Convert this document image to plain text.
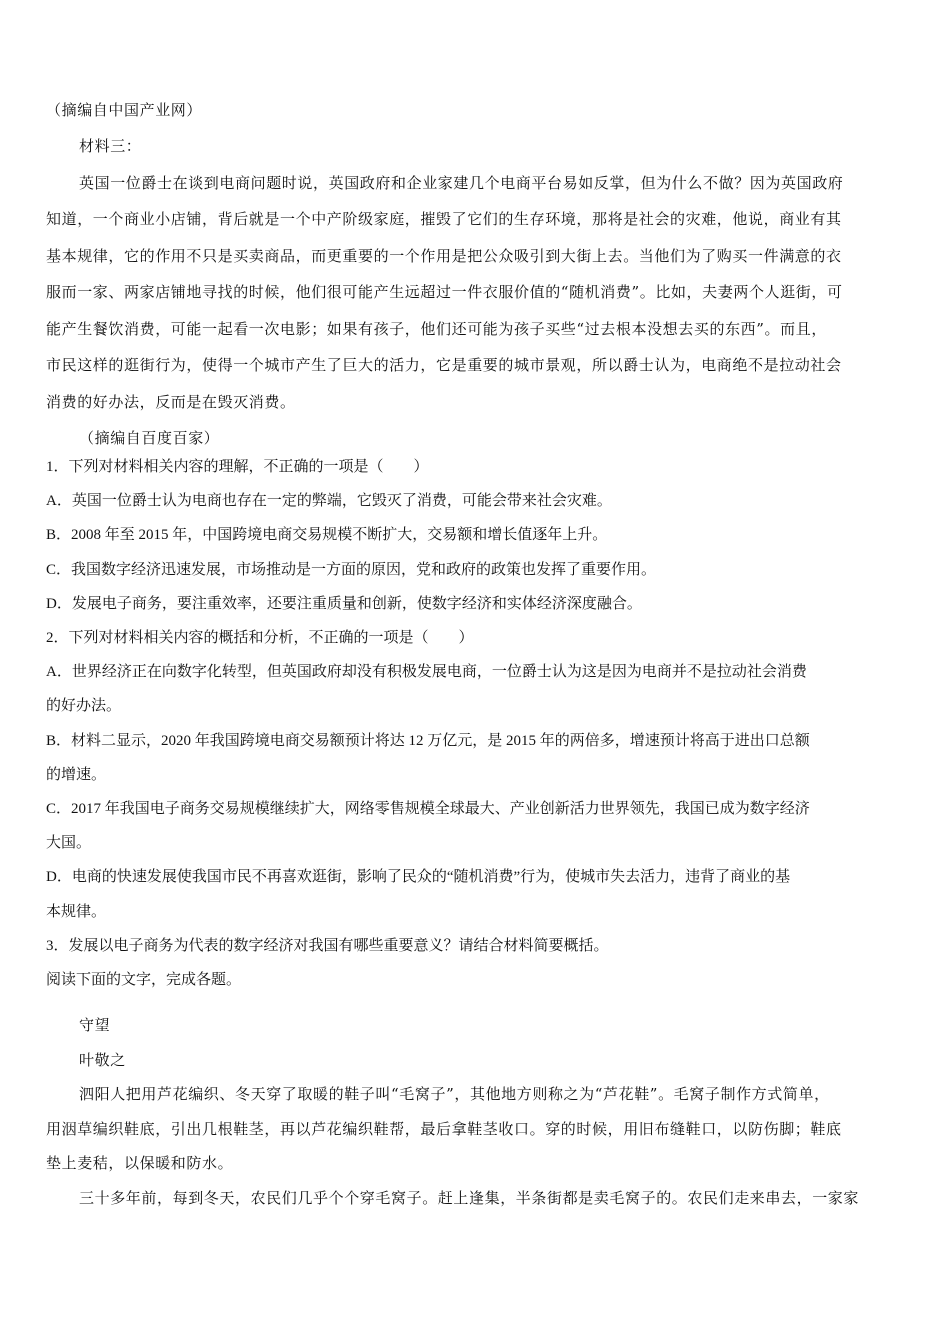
（摘编自中国产业网）
材料三：
英国一位爵士在谈到电商问题时说，英国政府和企业家建几个电商平台易如反掌，但为什么不做？因为英国政府
知道，一个商业小店铺，背后就是一个中产阶级家庭，摧毁了它们的生存环境，那将是社会的灾难，他说，商业有其
基本规律，它的作用不只是买卖商品，而更重要的一个作用是把公众吸引到大街上去。当他们为了购买一件满意的衣
服而一家、两家店铺地寻找的时候，他们很可能产生远超过一件衣服价值的“随机消费”。比如，夫妻两个人逛街，可
能产生餐饮消费，可能一起看一次电影；如果有孩子，他们还可能为孩子买些“过去根本没想去买的东西”。而且，
市民这样的逛街行为，使得一个城市产生了巨大的活力，它是重要的城市景观，所以爵士认为，电商绝不是拉动社会
消费的好办法，反而是在毁灭消费。
（摘编自百度百家）
1．下列对材料相关内容的理解，不正确的一项是（　　）
A．英国一位爵士认为电商也存在一定的弊端，它毁灭了消费，可能会带来社会灾难。
B．2008 年至 2015 年，中国跨境电商交易规模不断扩大，交易额和增长值逐年上升。
C．我国数字经济迅速发展，市场推动是一方面的原因，党和政府的政策也发挥了重要作用。
D．发展电子商务，要注重效率，还要注重质量和创新，使数字经济和实体经济深度融合。
2．下列对材料相关内容的概括和分析，不正确的一项是（　　）
A．世界经济正在向数字化转型，但英国政府却没有积极发展电商，一位爵士认为这是因为电商并不是拉动社会消费
的好办法。
B．材料二显示，2020 年我国跨境电商交易额预计将达 12 万亿元，是 2015 年的两倍多，增速预计将高于进出口总额
的增速。
C．2017 年我国电子商务交易规模继续扩大，网络零售规模全球最大、产业创新活力世界领先，我国已成为数字经济
大国。
D．电商的快速发展使我国市民不再喜欢逛街，影响了民众的“随机消费”行为，使城市失去活力，违背了商业的基
本规律。
3．发展以电子商务为代表的数字经济对我国有哪些重要意义？请结合材料简要概括。
阅读下面的文字，完成各题。
守望
叶敬之
泗阳人把用芦花编织、冬天穿了取暖的鞋子叫“毛窝子”，其他地方则称之为“芦花鞋”。毛窝子制作方式简单，
用洇草编织鞋底，引出几根鞋茎，再以芦花编织鞋帮，最后拿鞋茎收口。穿的时候，用旧布缝鞋口，以防伤脚；鞋底
垫上麦秸，以保暖和防水。
三十多年前，每到冬天，农民们几乎个个穿毛窝子。赶上逢集，半条街都是卖毛窝子的。农民们走来串去，一家家
